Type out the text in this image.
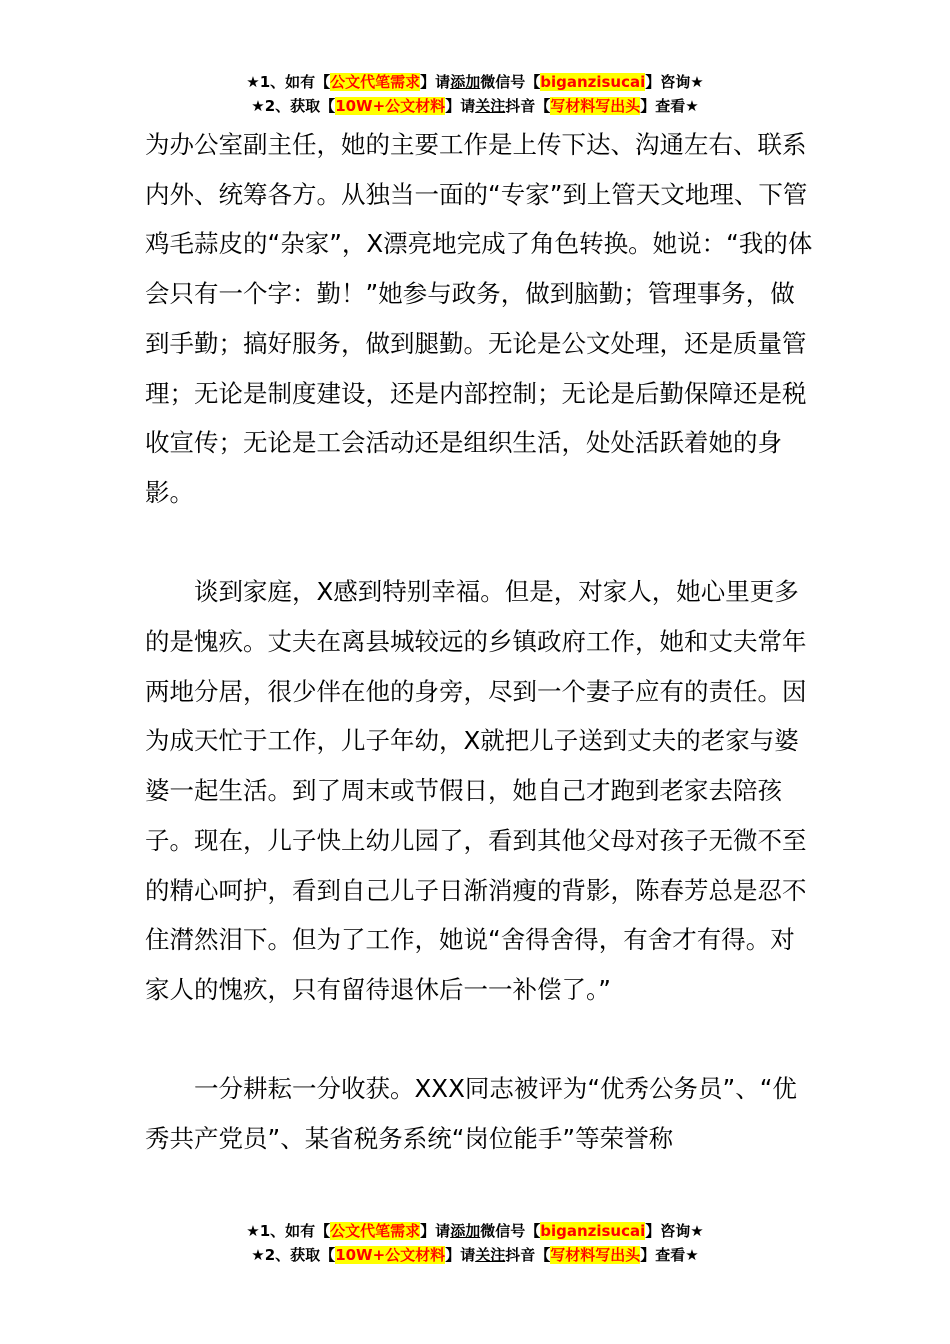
★1、如有【公文代笔需求】请添加微信号【biganzisucai】咨询★
★2、获取【10W+公文材料】请关注抖音【写材料写出头】查看★

为办公室副主任，她的主要工作是上传下达、沟通左右、联系内外、统筹各方。从独当一面的“专家”到上管天文地理、下管鸡毛蒜皮的“杂家”，X漂亮地完成了角色转换。她说：“我的体会只有一个字：勤！”她参与政务，做到脑勤；管理事务，做到手勤；搞好服务，做到腿勤。无论是公文处理，还是质量管理；无论是制度建设，还是内部控制；无论是后勤保障还是税收宣传；无论是工会活动还是组织生活，处处活跃着她的身影。

谈到家庭，X感到特别幸福。但是，对家人，她心里更多的是愧疚。丈夫在离县城较远的乡镇政府工作，她和丈夫常年两地分居，很少伴在他的身旁，尽到一个妻子应有的责任。因为成天忙于工作，儿子年幼，X就把儿子送到丈夫的老家与婆婆一起生活。到了周末或节假日，她自己才跑到老家去陪孩子。现在，儿子快上幼儿园了，看到其他父母对孩子无微不至的精心呵护，看到自己儿子日渐消瘦的背影，陈春芳总是忍不住潸然泪下。但为了工作，她说“舍得舍得，有舍才有得。对家人的愧疚，只有留待退休后一一补偿了。”

一分耕耘一分收获。XXX同志被评为“优秀公务员”、“优秀共产党员”、某省税务系统“岗位能手”等荣誉称

★1、如有【公文代笔需求】请添加微信号【biganzisucai】咨询★
★2、获取【10W+公文材料】请关注抖音【写材料写出头】查看★
